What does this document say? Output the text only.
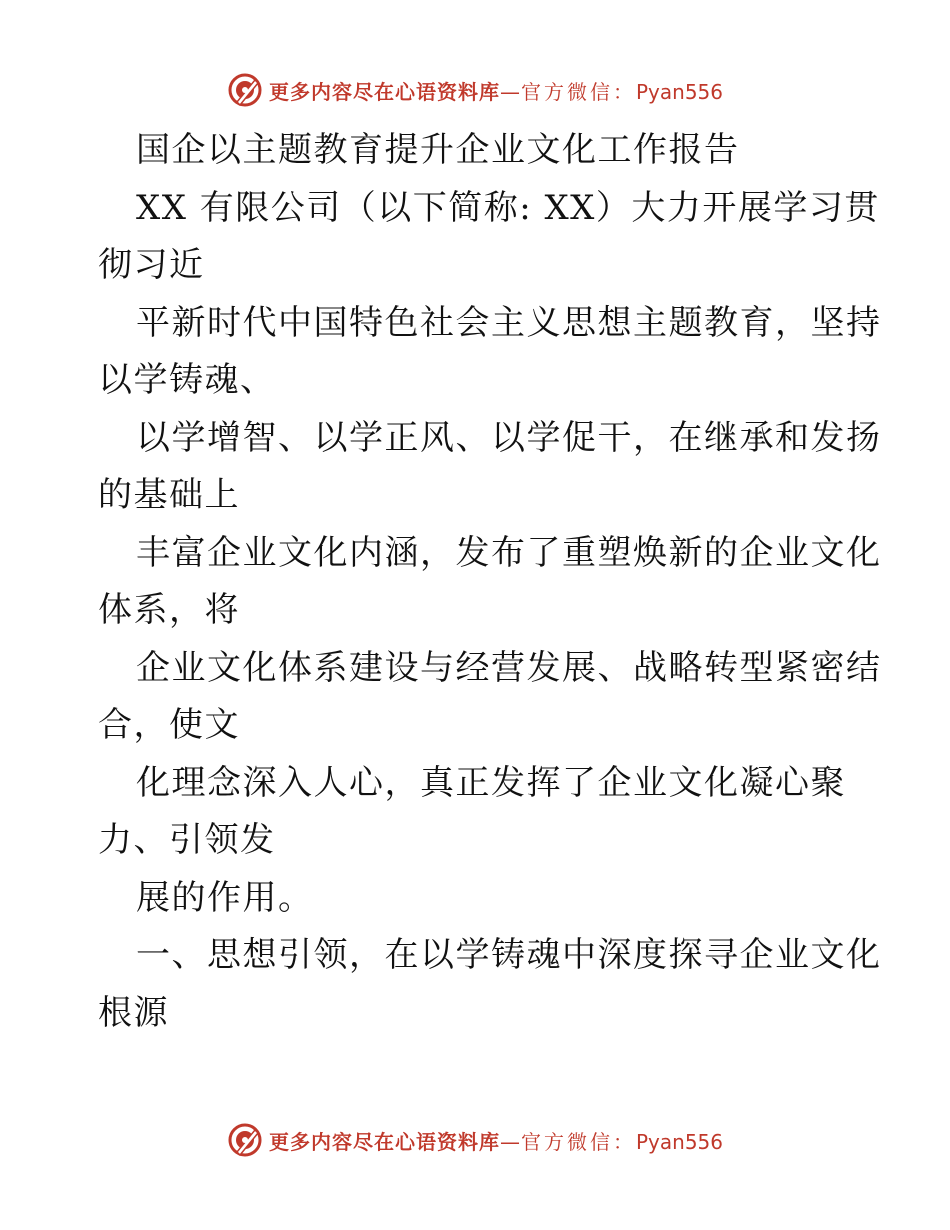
更多内容尽在心语资料库—官方微信：Pyan556
国企以主题教育提升企业文化工作报告
XX 有限公司（以下简称: XX）大力开展学习贯
彻习近
平新时代中国特色社会主义思想主题教育，坚持
以学铸魂、
以学增智、以学正风、以学促干，在继承和发扬
的基础上
丰富企业文化内涵，发布了重塑焕新的企业文化
体系，将
企业文化体系建设与经营发展、战略转型紧密结
合，使文
化理念深入人心，真正发挥了企业文化凝心聚
力、引领发
展的作用。
一、思想引领，在以学铸魂中深度探寻企业文化
根源
更多内容尽在心语资料库—官方微信：Pyan556
